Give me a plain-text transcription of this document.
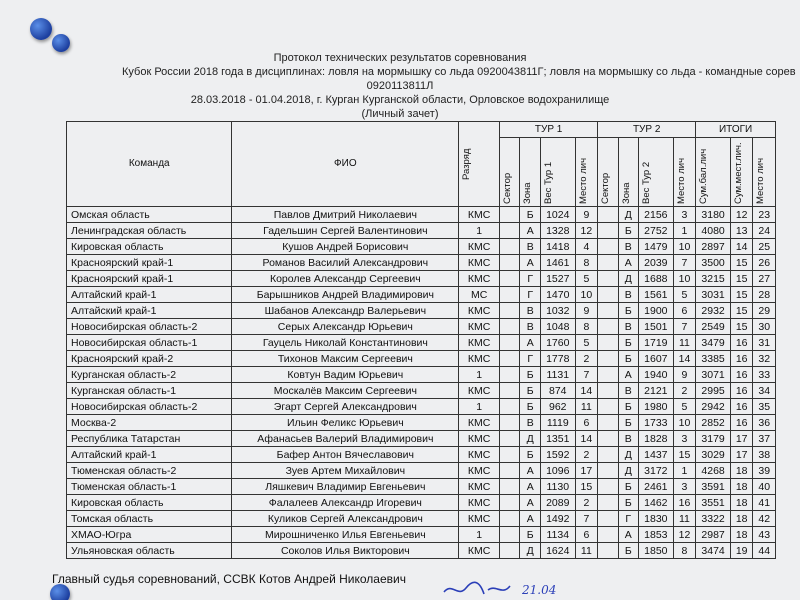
Протокол технических результатов соревнования
Кубок России 2018 года в дисциплинах: ловля на мормышку со льда 0920043811Г; ловля на мормышку со льда - командные сорев
0920113811Л
28.03.2018 - 01.04.2018, г. Курган Курганской области, Орловское водохранилище
(Личный зачет)
Команда	ФИО	Разряд	ТУР 1				ТУР 2				ИТОГИ		

			Сектор	Зона	Вес Тур 1	Место лич	Сектор	Зона	Вес Тур 2	Место лич	Сум.бал.лич	Сум.мест.лич.	Место лич

Омская область	Павлов Дмитрий Николаевич	КМС		Б	1024	9		Д	2156	3	3180	12	23
Ленинградская область	Гадельшин Сергей Валентинович	1		А	1328	12		Б	2752	1	4080	13	24
Кировская область	Кушов Андрей Борисович	КМС		В	1418	4		В	1479	10	2897	14	25
Красноярский край-1	Романов Василий Александрович	КМС		А	1461	8		А	2039	7	3500	15	26
Красноярский край-1	Королев Александр Сергеевич	КМС		Г	1527	5		Д	1688	10	3215	15	27
Алтайский край-1	Барышников Андрей Владимирович	МС		Г	1470	10		В	1561	5	3031	15	28
Алтайский край-1	Шабанов Александр Валерьевич	КМС		В	1032	9		Б	1900	6	2932	15	29
Новосибирская область-2	Серых Александр Юрьевич	КМС		В	1048	8		В	1501	7	2549	15	30
Новосибирская область-1	Гауцель Николай Константинович	КМС		А	1760	5		Б	1719	11	3479	16	31
Красноярский край-2	Тихонов Максим Сергеевич	КМС		Г	1778	2		Б	1607	14	3385	16	32
Курганская область-2	Ковтун Вадим Юрьевич	1		Б	1131	7		А	1940	9	3071	16	33
Курганская область-1	Москалёв Максим Сергеевич	КМС		Б	874	14		В	2121	2	2995	16	34
Новосибирская область-2	Эгарт Сергей Александрович	1		Б	962	11		Б	1980	5	2942	16	35
Москва-2	Ильин Феликс Юрьевич	КМС		В	1119	6		Б	1733	10	2852	16	36
Республика Татарстан	Афанасьев Валерий Владимирович	КМС		Д	1351	14		В	1828	3	3179	17	37
Алтайский край-1	Бафер Антон Вячеславович	КМС		Б	1592	2		Д	1437	15	3029	17	38
Тюменская область-2	Зуев Артем Михайлович	КМС		А	1096	17		Д	3172	1	4268	18	39
Тюменская область-1	Ляшкевич Владимир Евгеньевич	КМС		А	1130	15		Б	2461	3	3591	18	40
Кировская область	Фалалеев Александр Игоревич	КМС		А	2089	2		Б	1462	16	3551	18	41
Томская область	Куликов Сергей Александрович	КМС		А	1492	7		Г	1830	11	3322	18	42
ХМАО-Югра	Мирошниченко Илья Евгеньевич	1		Б	1134	6		А	1853	12	2987	18	43
Ульяновская область	Соколов Илья Викторович	КМС		Д	1624	11		Б	1850	8	3474	19	44
Главный судья соревнований, ССВК Котов Андрей Николаевич
21.04
